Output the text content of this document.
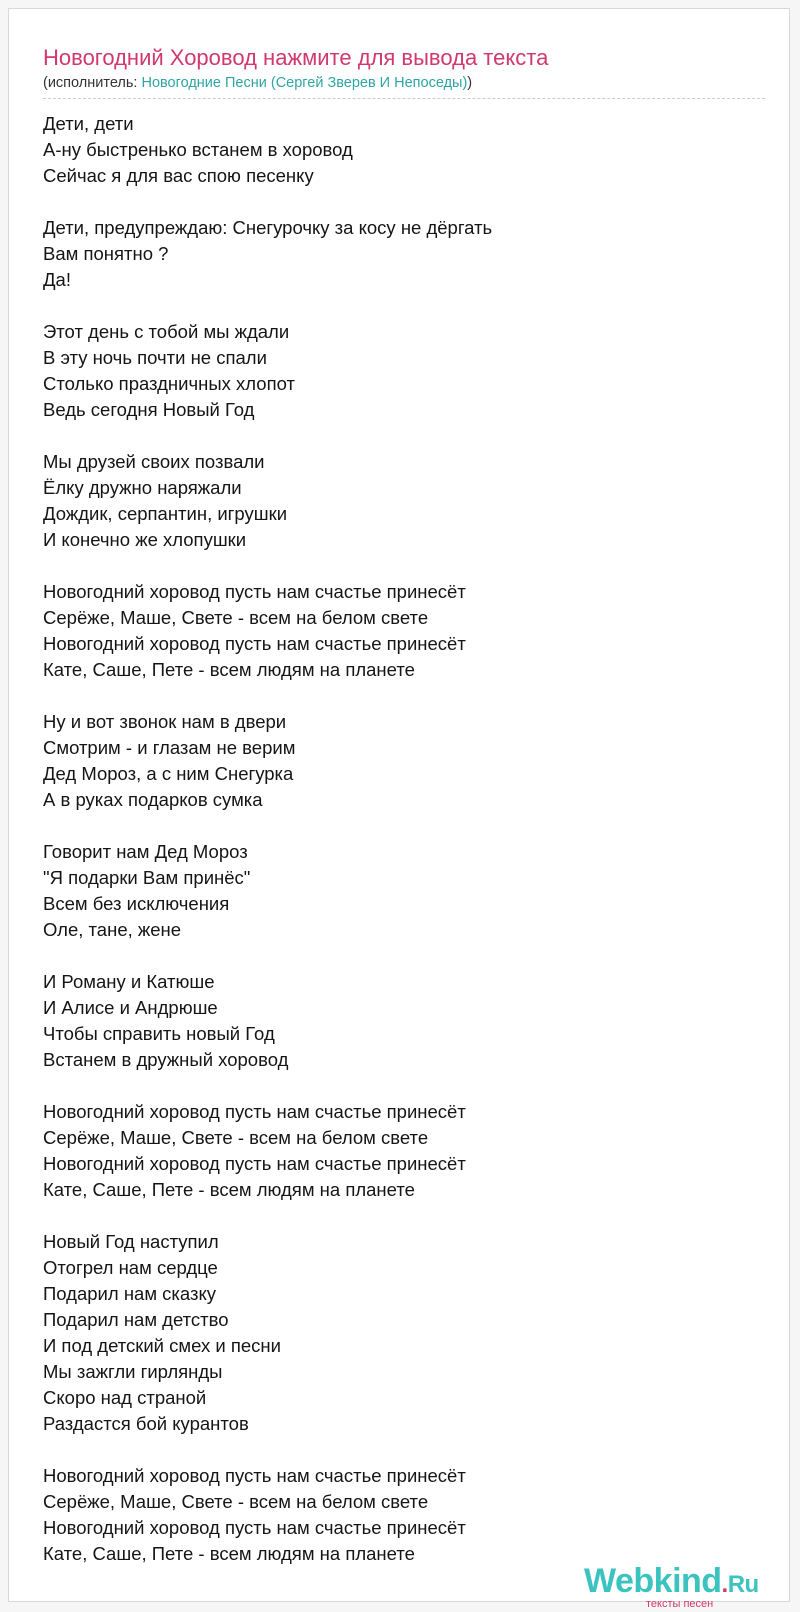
Новогодний Хоровод нажмите для вывода текста
(исполнитель: Новогодние Песни (Сергей Зверев И Непоседы))
Дети, дети
А-ну быстренько встанем в хоровод
Сейчас я для вас спою песенку
Дети, предупреждаю: Снегурочку за косу не дёргать
Вам понятно ?
Да!
Этот день с тобой мы ждали
В эту ночь почти не спали
Столько праздничных хлопот
Ведь сегодня Новый Год
Мы друзей своих позвали
Ёлку дружно наряжали
Дождик, серпантин, игрушки
И конечно же хлопушки
Новогодний хоровод пусть нам счастье принесёт
Серёже, Маше, Свете - всем на белом свете
Новогодний хоровод пусть нам счастье принесёт
Кате, Саше, Пете - всем людям на планете
Ну и вот звонок нам в двери
Смотрим - и глазам не верим
Дед Мороз, а с ним Снегурка
А в руках подарков сумка
Говорит нам Дед Мороз
"Я подарки Вам принёс"
Всем без исключения
Оле, тане, жене
И Роману и Катюше
И Алисе и Андрюше
Чтобы справить новый Год
Встанем в дружный хоровод
Новогодний хоровод пусть нам счастье принесёт
Серёже, Маше, Свете - всем на белом свете
Новогодний хоровод пусть нам счастье принесёт
Кате, Саше, Пете - всем людям на планете
Новый Год наступил
Отогрел нам сердце
Подарил нам сказку
Подарил нам детство
И под детский смех и песни
Мы зажгли гирлянды
Скоро над страной
Раздастся бой курантов
Новогодний хоровод пусть нам счастье принесёт
Серёже, Маше, Свете - всем на белом свете
Новогодний хоровод пусть нам счастье принесёт
Кате, Саше, Пете - всем людям на планете
Webkind.Ru
тексты песен
